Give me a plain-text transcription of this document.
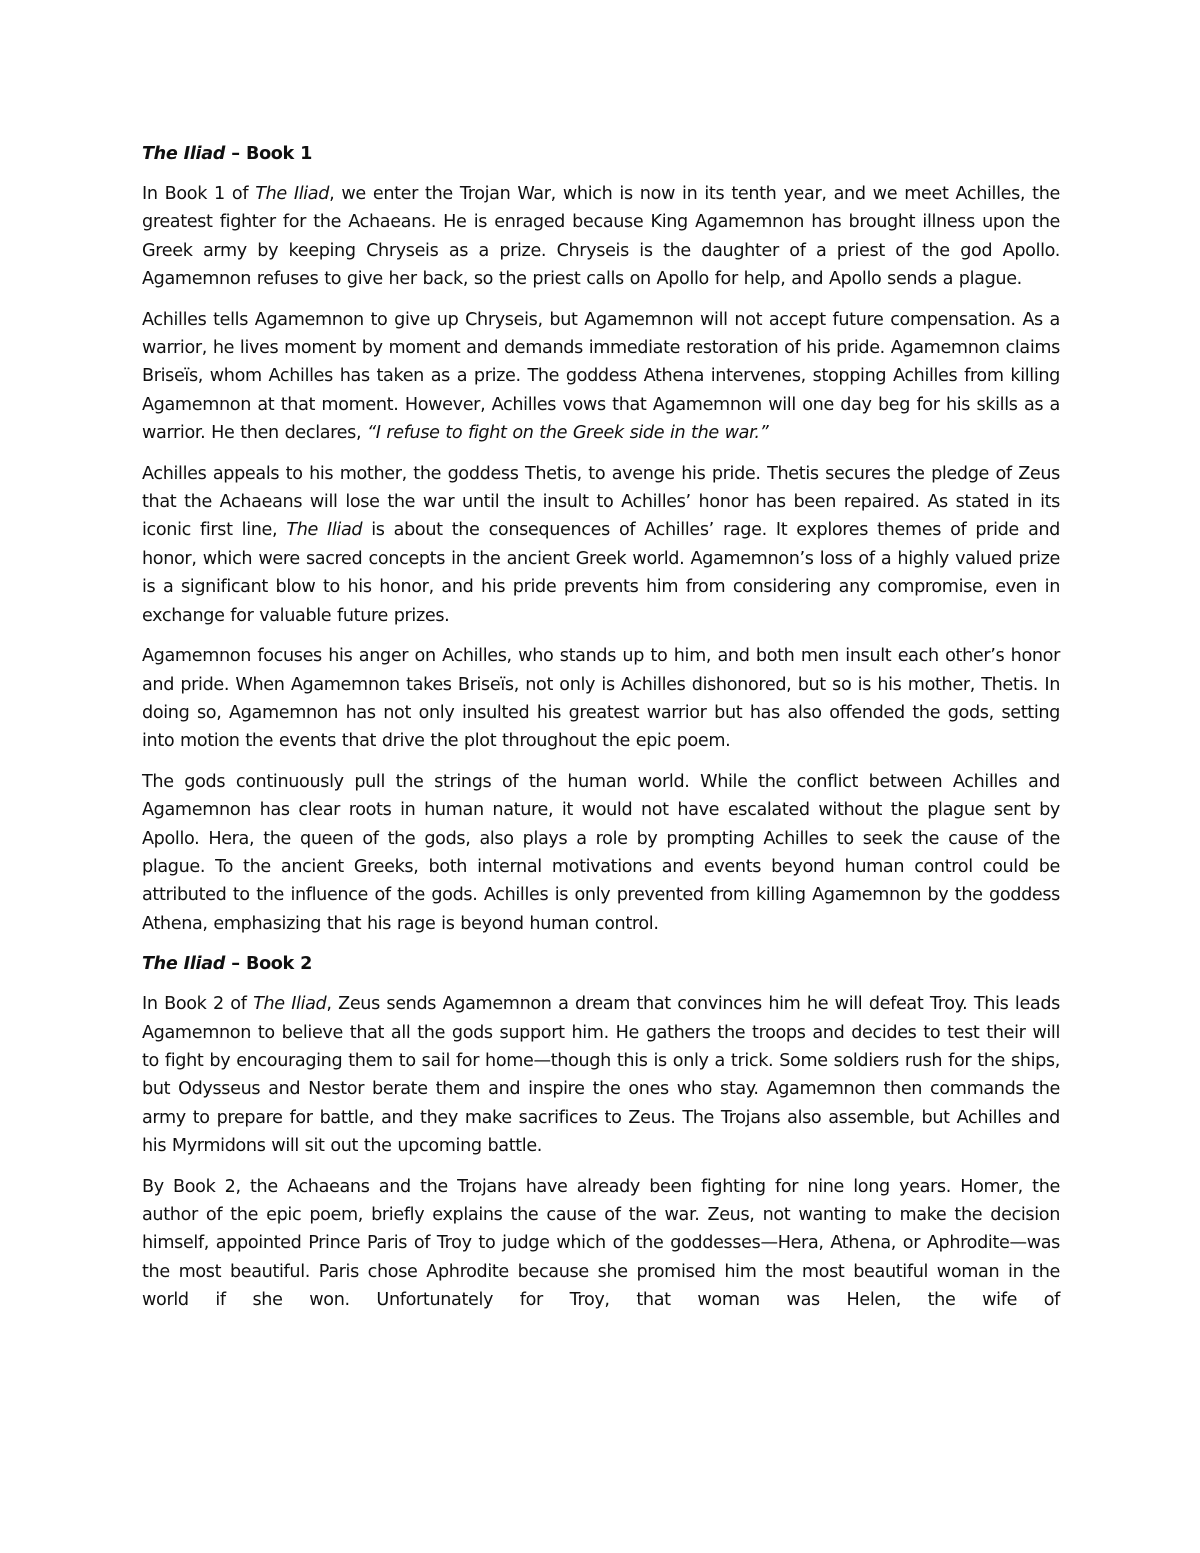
The Iliad – Book 1

In Book 1 of The Iliad, we enter the Trojan War, which is now in its tenth year, and we meet Achilles, the greatest fighter for the Achaeans. He is enraged because King Agamemnon has brought illness upon the Greek army by keeping Chryseis as a prize. Chryseis is the daughter of a priest of the god Apollo. Agamemnon refuses to give her back, so the priest calls on Apollo for help, and Apollo sends a plague.

Achilles tells Agamemnon to give up Chryseis, but Agamemnon will not accept future compensation. As a warrior, he lives moment by moment and demands immediate restoration of his pride. Agamemnon claims Briseïs, whom Achilles has taken as a prize. The goddess Athena intervenes, stopping Achilles from killing Agamemnon at that moment. However, Achilles vows that Agamemnon will one day beg for his skills as a warrior. He then declares, “I refuse to fight on the Greek side in the war.”

Achilles appeals to his mother, the goddess Thetis, to avenge his pride. Thetis secures the pledge of Zeus that the Achaeans will lose the war until the insult to Achilles’ honor has been repaired. As stated in its iconic first line, The Iliad is about the consequences of Achilles’ rage. It explores themes of pride and honor, which were sacred concepts in the ancient Greek world. Agamemnon’s loss of a highly valued prize is a significant blow to his honor, and his pride prevents him from considering any compromise, even in exchange for valuable future prizes.

Agamemnon focuses his anger on Achilles, who stands up to him, and both men insult each other’s honor and pride. When Agamemnon takes Briseïs, not only is Achilles dishonored, but so is his mother, Thetis. In doing so, Agamemnon has not only insulted his greatest warrior but has also offended the gods, setting into motion the events that drive the plot throughout the epic poem.

The gods continuously pull the strings of the human world. While the conflict between Achilles and Agamemnon has clear roots in human nature, it would not have escalated without the plague sent by Apollo. Hera, the queen of the gods, also plays a role by prompting Achilles to seek the cause of the plague. To the ancient Greeks, both internal motivations and events beyond human control could be attributed to the influence of the gods. Achilles is only prevented from killing Agamemnon by the goddess Athena, emphasizing that his rage is beyond human control.

The Iliad – Book 2

In Book 2 of The Iliad, Zeus sends Agamemnon a dream that convinces him he will defeat Troy. This leads Agamemnon to believe that all the gods support him. He gathers the troops and decides to test their will to fight by encouraging them to sail for home—though this is only a trick. Some soldiers rush for the ships, but Odysseus and Nestor berate them and inspire the ones who stay. Agamemnon then commands the army to prepare for battle, and they make sacrifices to Zeus. The Trojans also assemble, but Achilles and his Myrmidons will sit out the upcoming battle.

By Book 2, the Achaeans and the Trojans have already been fighting for nine long years. Homer, the author of the epic poem, briefly explains the cause of the war. Zeus, not wanting to make the decision himself, appointed Prince Paris of Troy to judge which of the goddesses—Hera, Athena, or Aphrodite—was the most beautiful. Paris chose Aphrodite because she promised him the most beautiful woman in the world if she won. Unfortunately for Troy, that woman was Helen, the wife of
